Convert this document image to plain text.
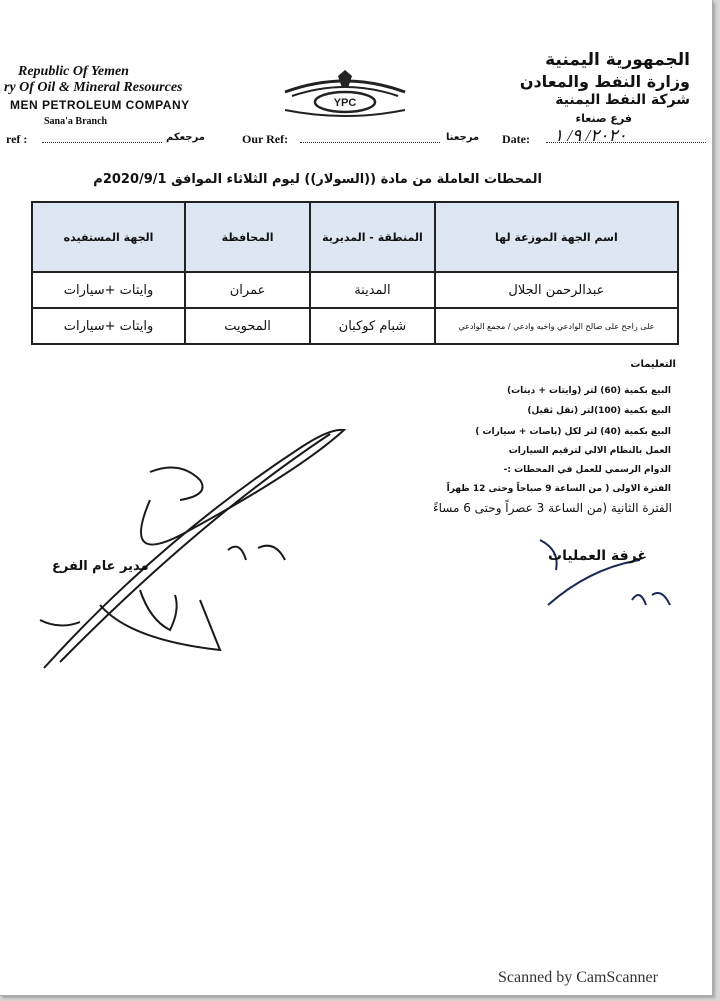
Republic Of Yemen
ry Of Oil & Mineral Resources
MEN PETROLEUM COMPANY
Sana'a Branch
YPC
الجمهورية اليمنية
وزارة النفط والمعادن
شركة النفط اليمنية
فرع صنعاء
ref :	مرجعكم	Our Ref:	مرجعنا Date: ٢٠٢٠/ ٩/ ١
المحطات العاملة من مادة ((السولار)) ليوم الثلاثاء الموافق 2020/9/1م
اسم الجهة الموزعة لها	المنطقة - المديرية	المحافظة	الجهة المستفيده
عبدالرحمن الجلال	المدينة	عمران	وايتات +سيارات
على راجح على صالح الوادعي واخيه وادعي / مجمع الوادعي	شبام كوكبان	المحويت	وايتات +سيارات
التعليمات
البيع بكمية (60) لتر (وايتات + دينات)
البيع بكمية (100)لتر (نقل ثقيل)
البيع بكمية (40) لتر لكل (باصات + سيارات )
العمل بالنظام الالي لترقيم السيارات
الدوام الرسمي للعمل في المحطات :-
الفترة الاولى ( من الساعة 9 صباحاً وحتى 12 ظهراً
الفترة الثانية (من الساعة 3 عصراً وحتى 6 مساءً
مدير عام الفرع
غرفة العمليات
Scanned by CamScanner
